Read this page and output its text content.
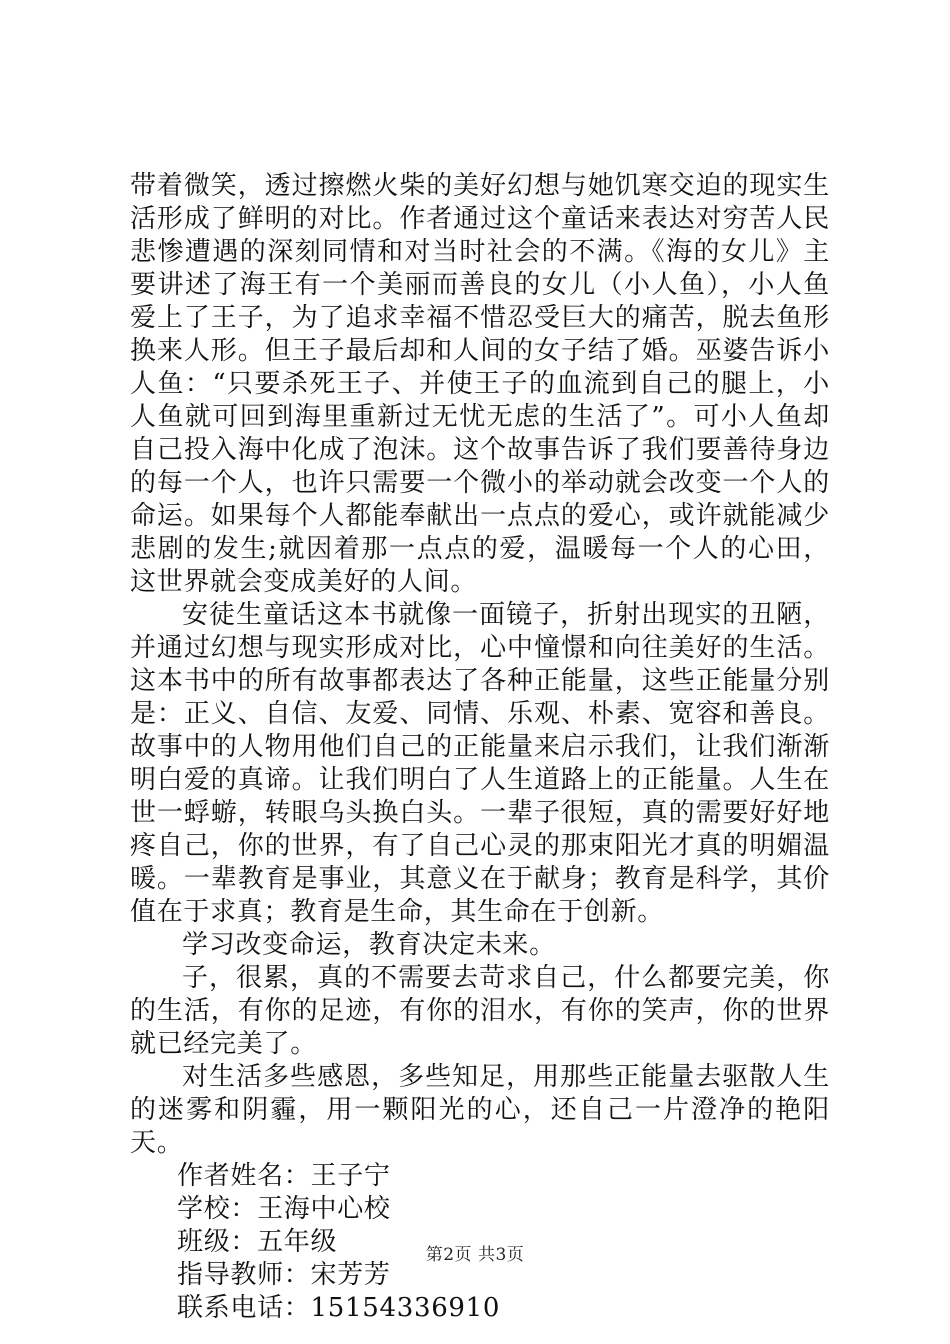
带着微笑，透过擦燃火柴的美好幻想与她饥寒交迫的现实生活形成了鲜明的对比。作者通过这个童话来表达对穷苦人民悲惨遭遇的深刻同情和对当时社会的不满。《海的女儿》主要讲述了海王有一个美丽而善良的女儿（小人鱼），小人鱼爱上了王子，为了追求幸福不惜忍受巨大的痛苦，脱去鱼形换来人形。但王子最后却和人间的女子结了婚。巫婆告诉小人鱼：“只要杀死王子、并使王子的血流到自己的腿上，小人鱼就可回到海里重新过无忧无虑的生活了”。可小人鱼却自己投入海中化成了泡沫。这个故事告诉了我们要善待身边的每一个人，也许只需要一个微小的举动就会改变一个人的命运。如果每个人都能奉献出一点点的爱心，或许就能减少悲剧的发生;就因着那一点点的爱，温暖每一个人的心田，这世界就会变成美好的人间。

安徒生童话这本书就像一面镜子，折射出现实的丑陋，并通过幻想与现实形成对比，心中憧憬和向往美好的生活。这本书中的所有故事都表达了各种正能量，这些正能量分别是：正义、自信、友爱、同情、乐观、朴素、宽容和善良。故事中的人物用他们自己的正能量来启示我们，让我们渐渐明白爱的真谛。让我们明白了人生道路上的正能量。人生在世一蜉蝣，转眼乌头换白头。一辈子很短，真的需要好好地疼自己，你的世界，有了自己心灵的那束阳光才真的明媚温暖。一辈教育是事业，其意义在于献身；教育是科学，其价值在于求真；教育是生命，其生命在于创新。

学习改变命运，教育决定未来。

子，很累，真的不需要去苛求自己，什么都要完美，你的生活，有你的足迹，有你的泪水，有你的笑声，你的世界就已经完美了。

对生活多些感恩，多些知足，用那些正能量去驱散人生的迷雾和阴霾，用一颗阳光的心，还自己一片澄净的艳阳天。

作者姓名：王子宁

学校：王海中心校

班级：五年级

指导教师：宋芳芳

联系电话：15154336910

第2页 共3页
